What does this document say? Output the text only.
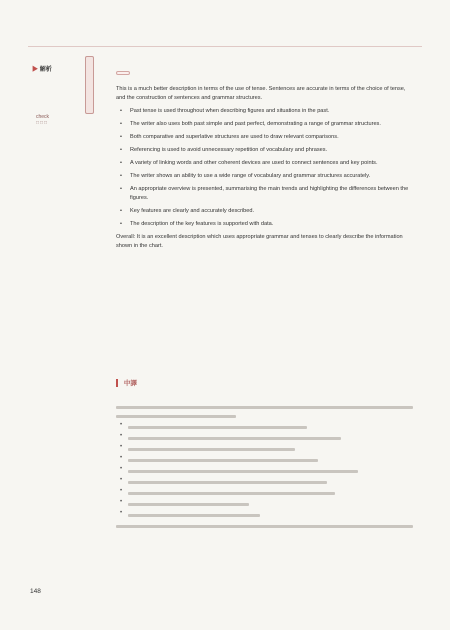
▶ 解析
check
□□□
This is a much better description in terms of the use of tense. Sentences are accurate in terms of the choice of tense, and the construction of sentences and grammar structures.
• Past tense is used throughout when describing figures and situations in the past.
• The writer also uses both past simple and past perfect, demonstrating a range of grammar structures.
• Both comparative and superlative structures are used to draw relevant comparisons.
• Referencing is used to avoid unnecessary repetition of vocabulary and phrases.
• A variety of linking words and other coherent devices are used to connect sentences and key points.
• The writer shows an ability to use a wide range of vocabulary and grammar structures accurately.
• An appropriate overview is presented, summarising the main trends and highlighting the differences between the figures.
• Key features are clearly and accurately described.
• The description of the key features is supported with data.
Overall: It is an excellent description which uses appropriate grammar and tenses to clearly describe the information shown in the chart.
中譯
•
•
•
•
•
•
•
•
•
148
